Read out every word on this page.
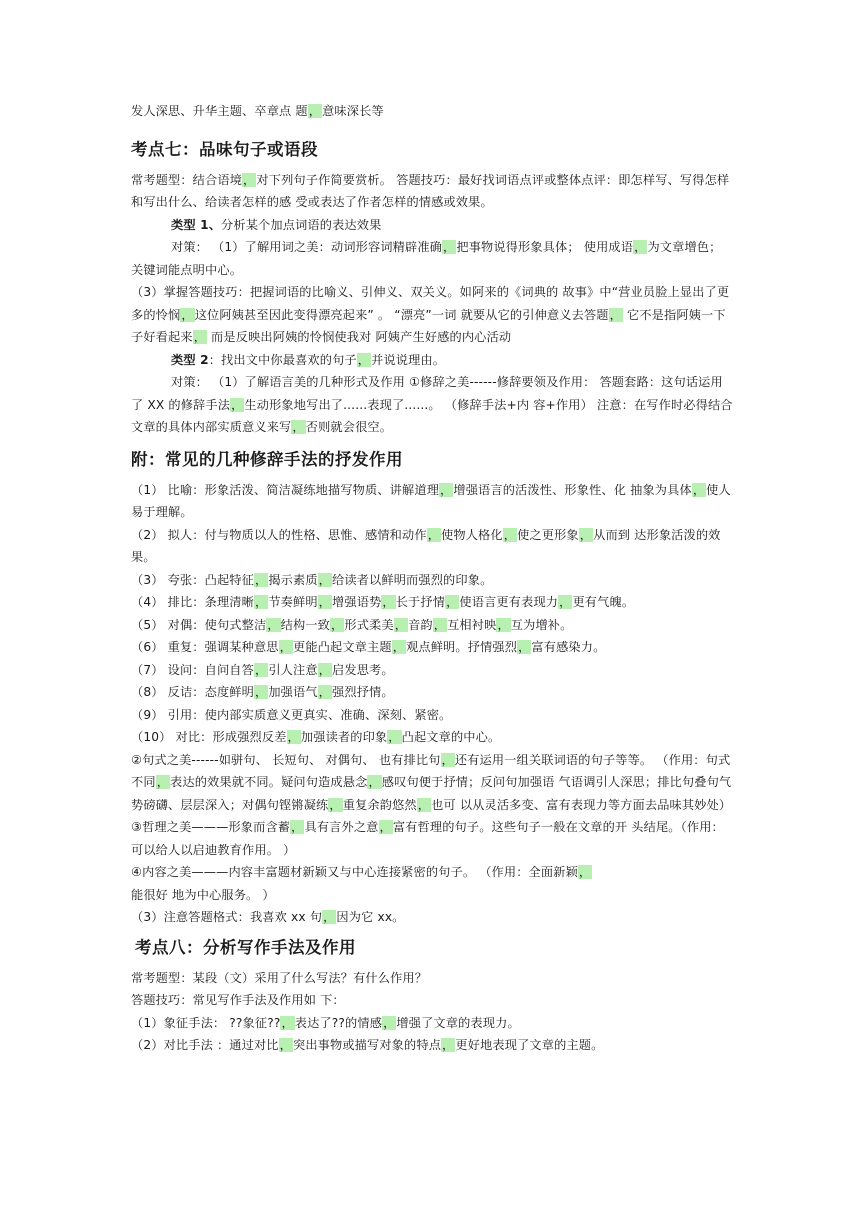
发人深思、升华主题、卒章点 题，意味深长等

考点七：品味句子或语段

常考题型：结合语境，对下列句子作简要赏析。 答题技巧：最好找词语点评或整体点评：即怎样写、写得怎样和写出什么、给读者怎样的感 受或表达了作者怎样的情感或效果。

类型 1、分析某个加点词语的表达效果

对策： （1）了解用词之美：动词形容词精辟准确，把事物说得形象具体； 使用成语，为文章增色；关键词能点明中心。

（3）掌握答题技巧：把握词语的比喻义、引伸义、双关义。如阿来的《词典的 故事》中“营业员脸上显出了更多的怜悯，这位阿姨甚至因此变得漂亮起来” 。 “漂亮”一词 就要从它的引伸意义去答题， 它不是指阿姨一下子好看起来， 而是反映出阿姨的怜悯使我对 阿姨产生好感的内心活动

类型 2：找出文中你最喜欢的句子，并说说理由。

对策： （1）了解语言美的几种形式及作用 ①修辞之美------修辞要领及作用： 答题套路：这句话运用了 XX 的修辞手法，生动形象地写出了......表现了......。 （修辞手法+内 容+作用） 注意：在写作时必得结合文章的具体内部实质意义来写，否则就会很空。

附：常见的几种修辞手法的抒发作用

（1） 比喻：形象活泼、简洁凝练地描写物质、讲解道理，增强语言的活泼性、形象性、化 抽象为具体，使人易于理解。

（2） 拟人：付与物质以人的性格、思惟、感情和动作，使物人格化，使之更形象，从而到 达形象活泼的效果。

（3） 夸张：凸起特征，揭示素质，给读者以鲜明而强烈的印象。

（4） 排比：条理清晰，节奏鲜明，增强语势，长于抒情，使语言更有表现力，更有气魄。

（5） 对偶：使句式整洁，结构一致，形式柔美，音韵，互相衬映，互为增补。

（6） 重复：强调某种意思，更能凸起文章主题，观点鲜明。抒情强烈，富有感染力。

（7） 设问：自问自答，引人注意，启发思考。

（8） 反诘：态度鲜明，加强语气，强烈抒情。

（9） 引用：使内部实质意义更真实、准确、深刻、紧密。

（10） 对比：形成强烈反差，加强读者的印象，凸起文章的中心。

②句式之美------如骈句、 长短句、 对偶句、 也有排比句，还有运用一组关联词语的句子等等。 （作用：句式不同，表达的效果就不同。疑问句造成悬念，感叹句便于抒情；反问句加强语 气语调引人深思；排比句叠句气势磅礴、层层深入；对偶句铿锵凝练，重复余韵悠然，也可 以从灵活多变、富有表现力等方面去品味其妙处）

③哲理之美———形象而含蓄，具有言外之意，富有哲理的句子。这些句子一般在文章的开 头结尾。（作用：可以给人以启迪教育作用。 ）

④内容之美———内容丰富题材新颖又与中心连接紧密的句子。 （作用：全面新颖，能很好 地为中心服务。 ）

（3）注意答题格式：我喜欢 xx 句，因为它 xx。

考点八：分析写作手法及作用

常考题型：某段（文）采用了什么写法？有什么作用？

答题技巧：常见写作手法及作用如 下：

（1）象征手法： ??象征??，表达了??的情感，增强了文章的表现力。

（2）对比手法 ：通过对比，突出事物或描写对象的特点，更好地表现了文章的主题。
